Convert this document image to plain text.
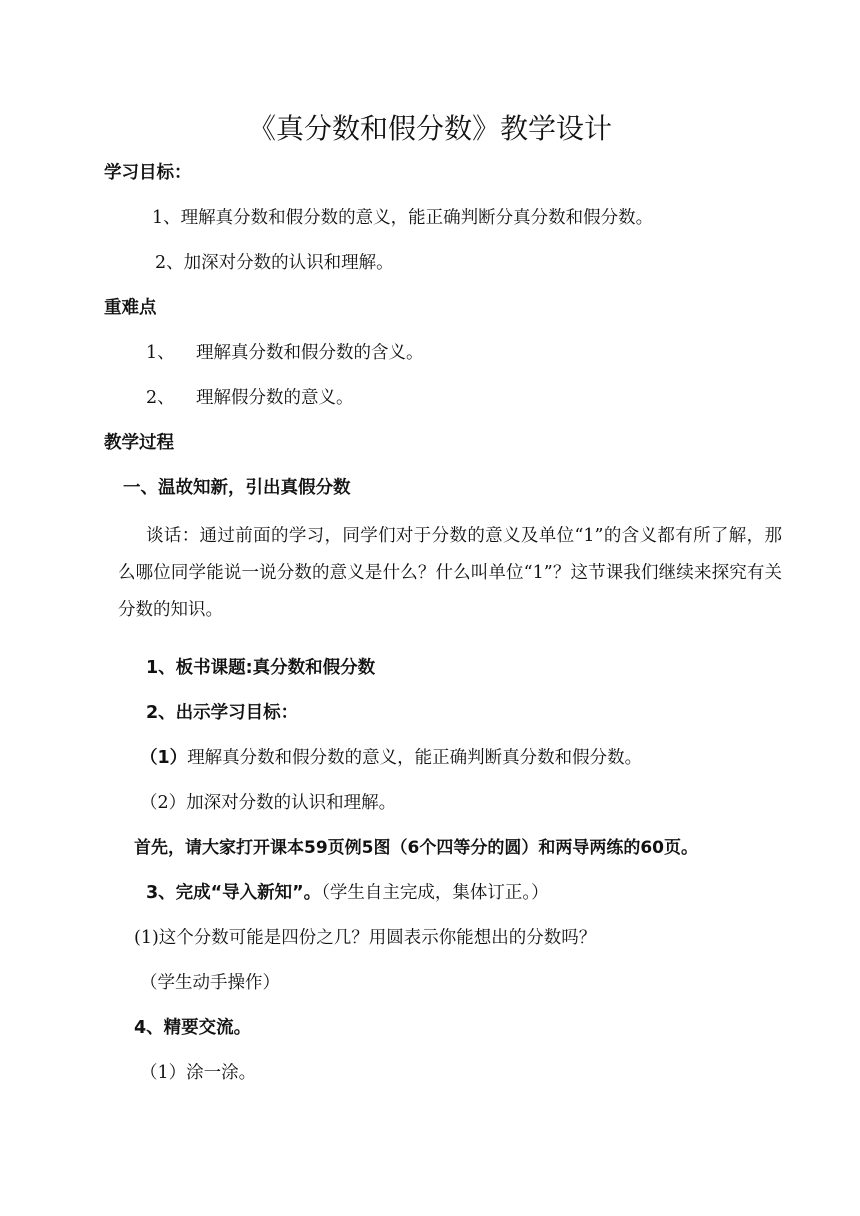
《真分数和假分数》教学设计
学习目标：
1、理解真分数和假分数的意义，能正确判断分真分数和假分数。
2、加深对分数的认识和理解。
重难点
1、 理解真分数和假分数的含义。
2、 理解假分数的意义。
教学过程
一、温故知新，引出真假分数
谈话：通过前面的学习，同学们对于分数的意义及单位“1”的含义都有所了解，那么哪位同学能说一说分数的意义是什么？什么叫单位“1”？这节课我们继续来探究有关分数的知识。
1、板书课题:真分数和假分数
2、出示学习目标：
（1）理解真分数和假分数的意义，能正确判断真分数和假分数。
（2）加深对分数的认识和理解。
首先，请大家打开课本59页例5图（6个四等分的圆）和两导两练的60页。
3、完成“导入新知”。（学生自主完成，集体订正。）
(1)这个分数可能是四份之几？用圆表示你能想出的分数吗？
（学生动手操作）
4、精要交流。
（1）涂一涂。
